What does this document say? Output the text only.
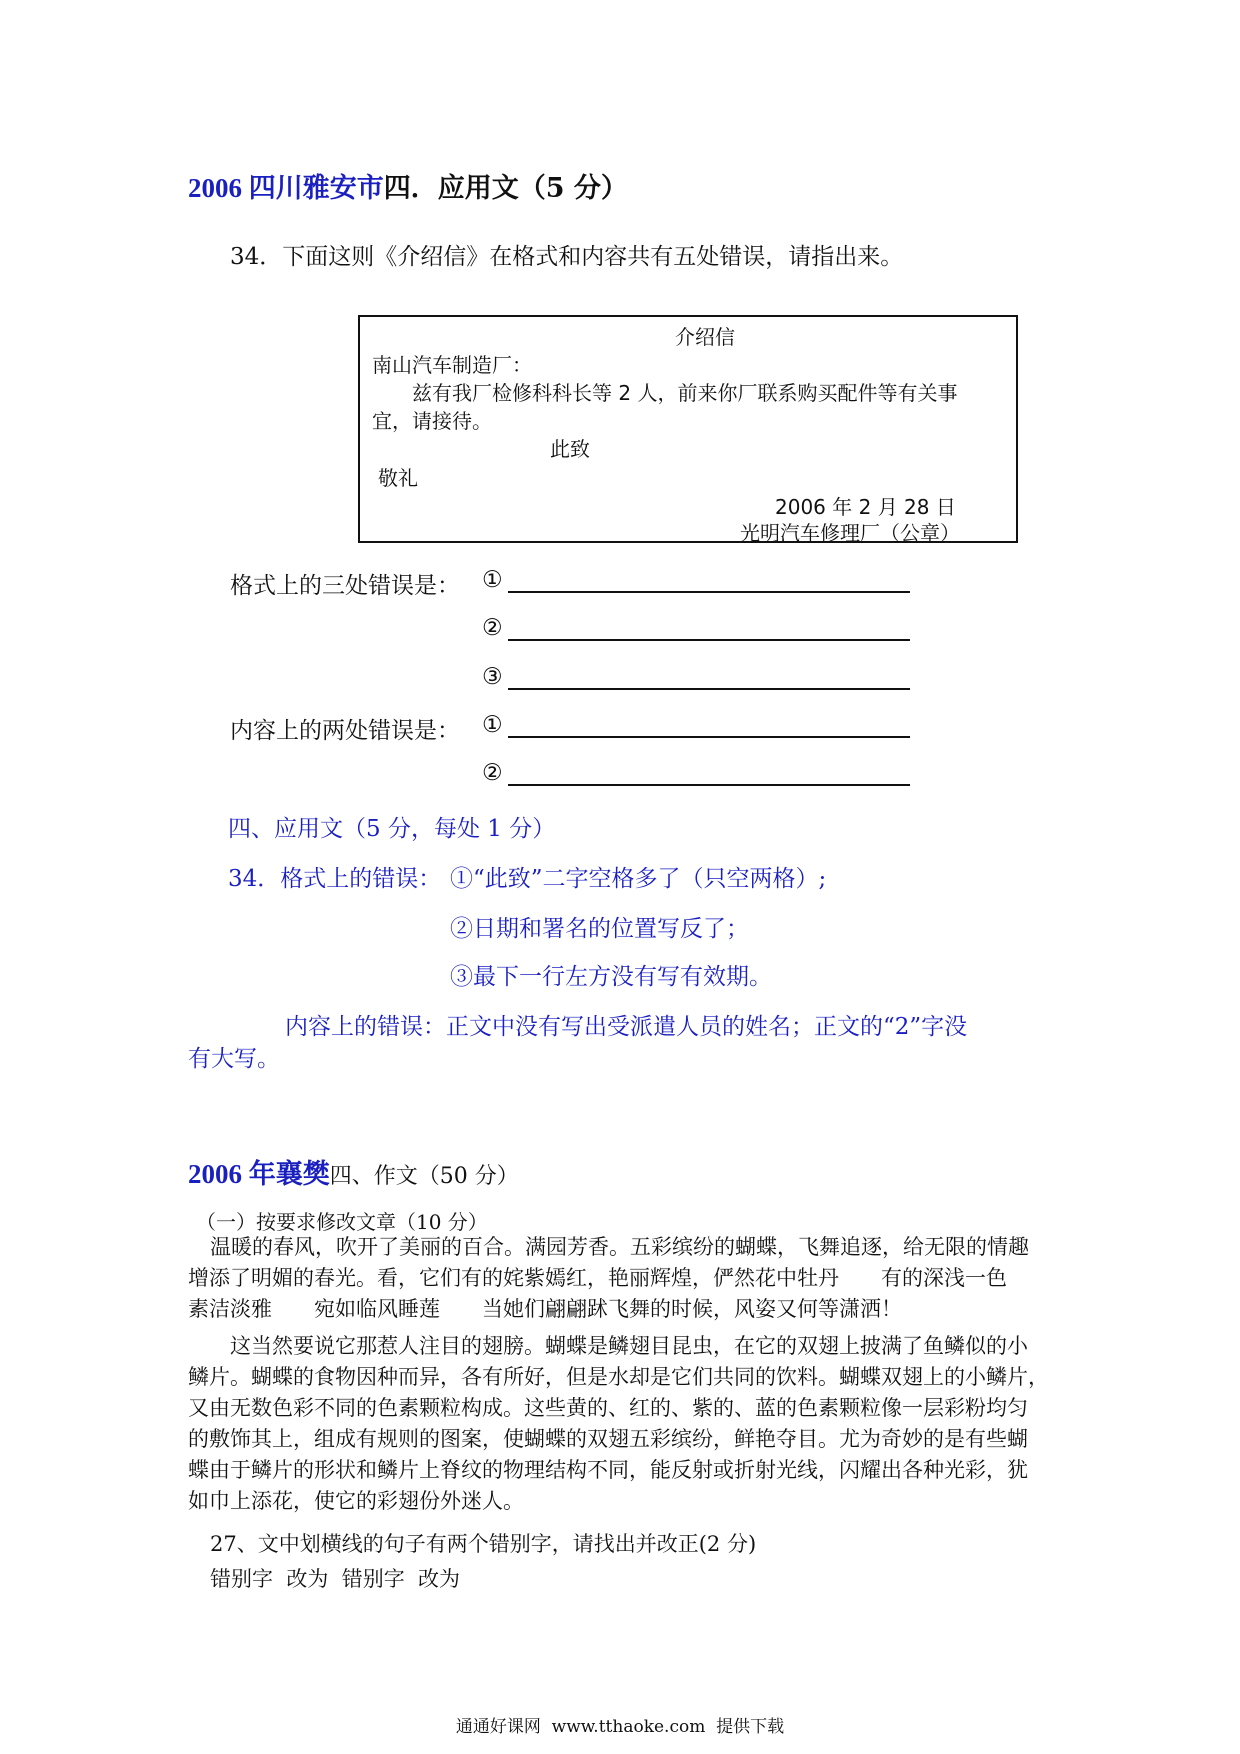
2006 四川雅安市四．应用文（5 分）
34．下面这则《介绍信》在格式和内容共有五处错误，请指出来。
介绍信
南山汽车制造厂：
兹有我厂检修科科长等 2 人，前来你厂联系购买配件等有关事
宜，请接待。
此致
敬礼
2006 年 2 月 28 日
光明汽车修理厂（公章）
格式上的三处错误是： ①
②
③
内容上的两处错误是： ①
②
四、应用文（5 分，每处 1 分）
34．格式上的错误： ①“此致”二字空格多了（只空两格）;
②日期和署名的位置写反了；
③最下一行左方没有写有效期。
内容上的错误：正文中没有写出受派遣人员的姓名；正文的“2”字没
有大写。
2006 年襄樊四、作文（50 分）
（一）按要求修改文章（10 分）
温暖的春风，吹开了美丽的百合。满园芳香。五彩缤纷的蝴蝶，飞舞追逐，给无限的情趣
增添了明媚的春光。看，它们有的姹紫嫣红，艳丽辉煌，俨然花中牡丹　　有的深浅一色
素洁淡雅　　宛如临风睡莲　　当她们翩翩䟣飞舞的时候，风姿又何等潇洒！
　　这当然要说它那惹人注目的翅膀。蝴蝶是鳞翅目昆虫，在它的双翅上披满了鱼鳞似的小
鳞片。蝴蝶的食物因种而异，各有所好，但是水却是它们共同的饮料。蝴蝶双翅上的小鳞片，
又由无数色彩不同的色素颗粒构成。这些黄的、红的、紫的、蓝的色素颗粒像一层彩粉均匀
的敷饰其上，组成有规则的图案，使蝴蝶的双翅五彩缤纷，鲜艳夺目。尤为奇妙的是有些蝴
蝶由于鳞片的形状和鳞片上脊纹的物理结构不同，能反射或折射光线，闪耀出各种光彩，犹
如巾上添花，使它的彩翅份外迷人。
27、文中划横线的句子有两个错别字，请找出并改正(2 分)
错别字  改为  错别字  改为
通通好课网  www.tthaoke.com  提供下载
